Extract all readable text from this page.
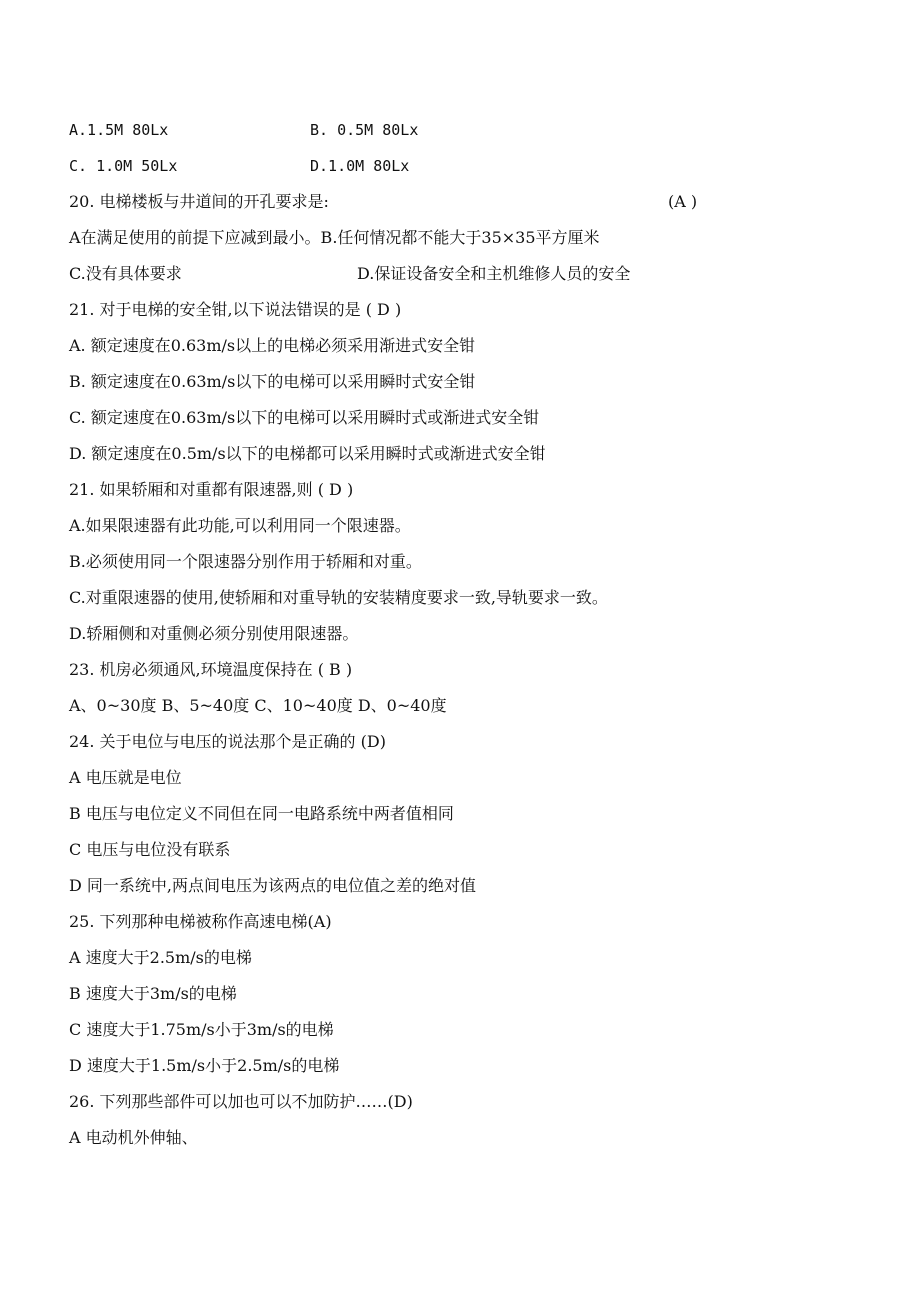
A.1.5M 80Lx	B. 0.5M 80Lx
C. 1.0M 50Lx	D.1.0M 80Lx
20. 电梯楼板与井道间的开孔要求是:	(A )
A在满足使用的前提下应减到最小。B.任何情况都不能大于35×35平方厘米
C.没有具体要求	D.保证设备安全和主机维修人员的安全
21. 对于电梯的安全钳,以下说法错误的是 ( D )
A. 额定速度在0.63m/s以上的电梯必须采用渐进式安全钳
B. 额定速度在0.63m/s以下的电梯可以采用瞬时式安全钳
C. 额定速度在0.63m/s以下的电梯可以采用瞬时式或渐进式安全钳
D. 额定速度在0.5m/s以下的电梯都可以采用瞬时式或渐进式安全钳
21. 如果轿厢和对重都有限速器,则 ( D )
A.如果限速器有此功能,可以利用同一个限速器。
B.必须使用同一个限速器分别作用于轿厢和对重。
C.对重限速器的使用,使轿厢和对重导轨的安装精度要求一致,导轨要求一致。
D.轿厢侧和对重侧必须分别使用限速器。
23. 机房必须通风,环境温度保持在 ( B )
A、0~30度 B、5~40度 C、10~40度 D、0~40度
24. 关于电位与电压的说法那个是正确的 (D)
A 电压就是电位
B 电压与电位定义不同但在同一电路系统中两者值相同
C 电压与电位没有联系
D 同一系统中,两点间电压为该两点的电位值之差的绝对值
25. 下列那种电梯被称作高速电梯(A)
A 速度大于2.5m/s的电梯
B 速度大于3m/s的电梯
C 速度大于1.75m/s小于3m/s的电梯
D 速度大于1.5m/s小于2.5m/s的电梯
26. 下列那些部件可以加也可以不加防护……(D)
A 电动机外伸轴、
